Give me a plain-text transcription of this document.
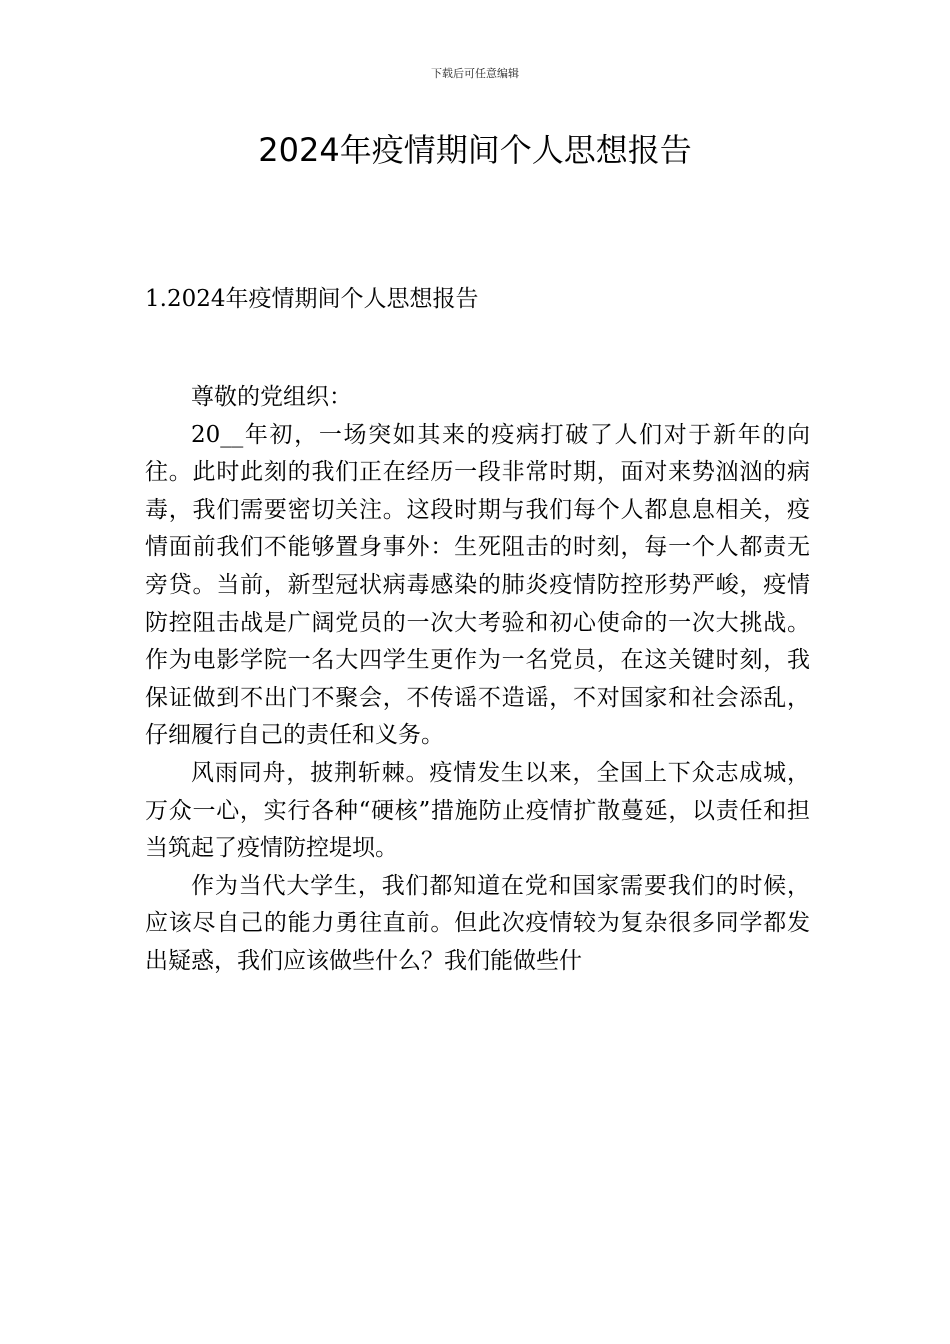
下载后可任意编辑
2024年疫情期间个人思想报告
1.2024年疫情期间个人思想报告

尊敬的党组织：

20__年初，一场突如其来的疫病打破了人们对于新年的向往。此时此刻的我们正在经历一段非常时期，面对来势汹汹的病毒，我们需要密切关注。这段时期与我们每个人都息息相关，疫情面前我们不能够置身事外：生死阻击的时刻，每一个人都责无旁贷。当前，新型冠状病毒感染的肺炎疫情防控形势严峻，疫情防控阻击战是广阔党员的一次大考验和初心使命的一次大挑战。作为电影学院一名大四学生更作为一名党员，在这关键时刻，我保证做到不出门不聚会，不传谣不造谣，不对国家和社会添乱，仔细履行自己的责任和义务。

风雨同舟，披荆斩棘。疫情发生以来，全国上下众志成城，万众一心，实行各种“硬核”措施防止疫情扩散蔓延，以责任和担当筑起了疫情防控堤坝。

作为当代大学生，我们都知道在党和国家需要我们的时候，应该尽自己的能力勇往直前。但此次疫情较为复杂很多同学都发出疑惑，我们应该做些什么？我们能做些什
